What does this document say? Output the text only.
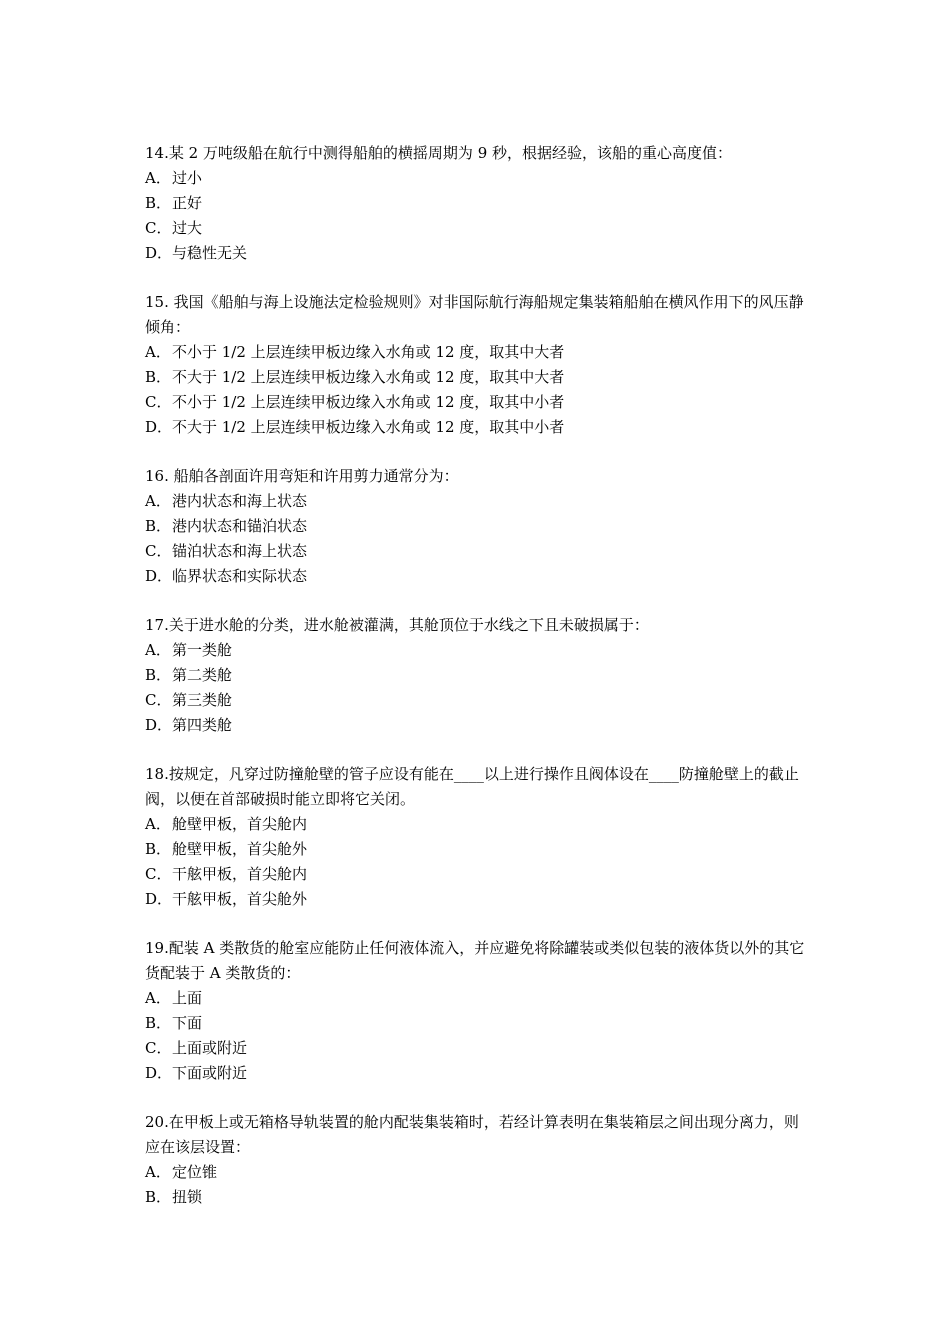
14.某 2 万吨级船在航行中测得船舶的横摇周期为 9 秒，根据经验，该船的重心高度值：
A． 过小
B． 正好
C． 过大
D． 与稳性无关
15. 我国《船舶与海上设施法定检验规则》对非国际航行海船规定集装箱船舶在横风作用下的风压静倾角：
A． 不小于 1/2 上层连续甲板边缘入水角或 12 度，取其中大者
B． 不大于 1/2 上层连续甲板边缘入水角或 12 度，取其中大者
C． 不小于 1/2 上层连续甲板边缘入水角或 12 度，取其中小者
D． 不大于 1/2 上层连续甲板边缘入水角或 12 度，取其中小者
16. 船舶各剖面许用弯矩和许用剪力通常分为：
A． 港内状态和海上状态
B． 港内状态和锚泊状态
C． 锚泊状态和海上状态
D． 临界状态和实际状态
17.关于进水舱的分类，进水舱被灌满，其舱顶位于水线之下且未破损属于：
A． 第一类舱
B． 第二类舱
C． 第三类舱
D． 第四类舱
18.按规定，凡穿过防撞舱壁的管子应设有能在____以上进行操作且阀体设在____防撞舱壁上的截止阀，以便在首部破损时能立即将它关闭。
A． 舱壁甲板，首尖舱内
B． 舱壁甲板，首尖舱外
C． 干舷甲板，首尖舱内
D． 干舷甲板，首尖舱外
19.配装 A 类散货的舱室应能防止任何液体流入，并应避免将除罐装或类似包装的液体货以外的其它货配装于 A 类散货的：
A． 上面
B． 下面
C． 上面或附近
D． 下面或附近
20.在甲板上或无箱格导轨装置的舱内配装集装箱时，若经计算表明在集装箱层之间出现分离力，则应在该层设置：
A． 定位锥
B． 扭锁
